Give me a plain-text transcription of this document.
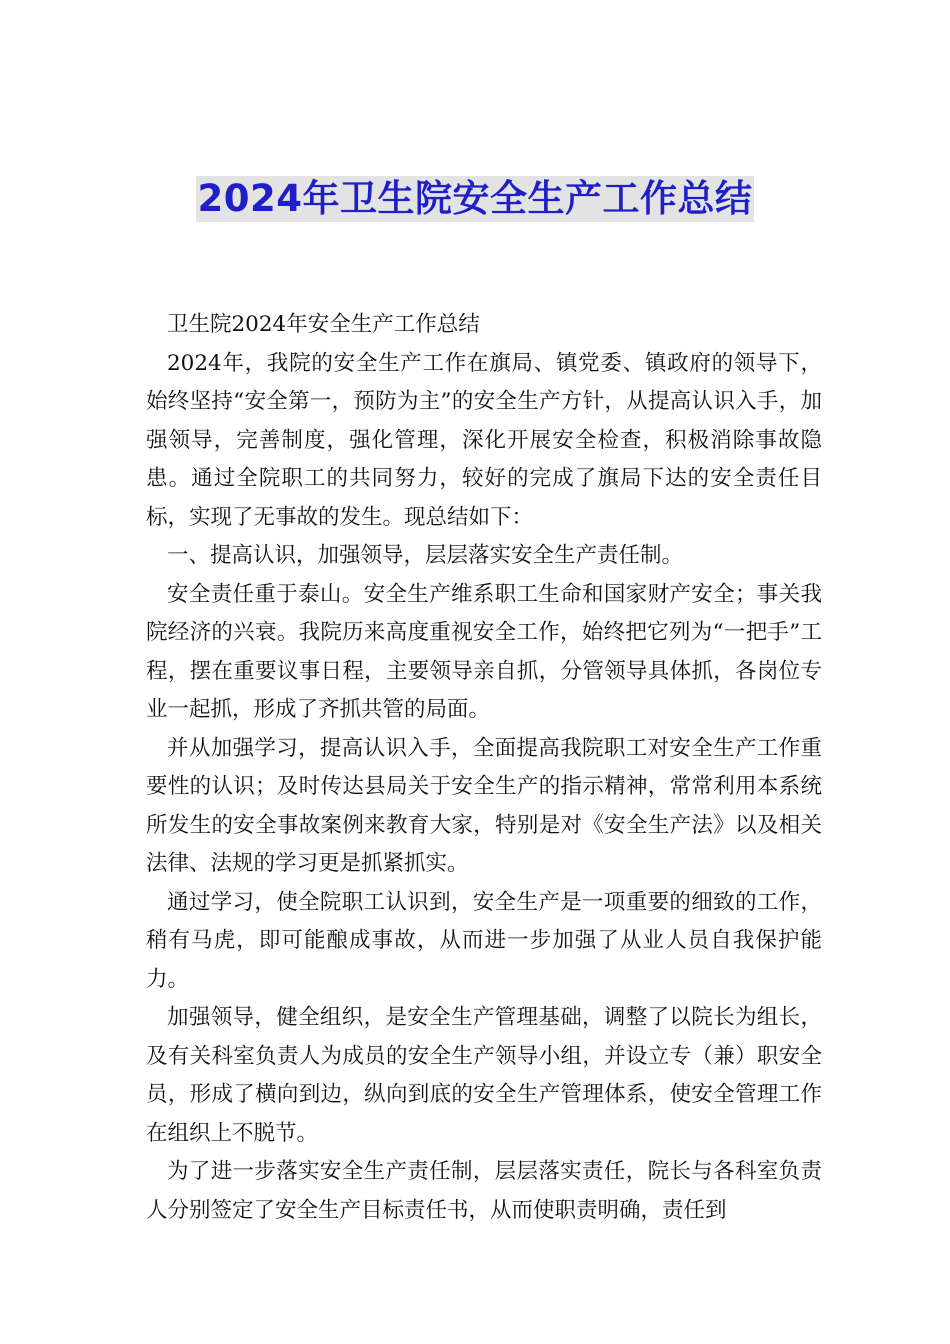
2024年卫生院安全生产工作总结

卫生院2024年安全生产工作总结

2024年，我院的安全生产工作在旗局、镇党委、镇政府的领导下，始终坚持“安全第一，预防为主”的安全生产方针，从提高认识入手，加强领导，完善制度，强化管理，深化开展安全检查，积极消除事故隐患。通过全院职工的共同努力，较好的完成了旗局下达的安全责任目标，实现了无事故的发生。现总结如下：

一、提高认识，加强领导，层层落实安全生产责任制。

安全责任重于泰山。安全生产维系职工生命和国家财产安全；事关我院经济的兴衰。我院历来高度重视安全工作，始终把它列为“一把手”工程，摆在重要议事日程，主要领导亲自抓，分管领导具体抓，各岗位专业一起抓，形成了齐抓共管的局面。

并从加强学习，提高认识入手，全面提高我院职工对安全生产工作重要性的认识；及时传达县局关于安全生产的指示精神，常常利用本系统所发生的安全事故案例来教育大家，特别是对《安全生产法》以及相关法律、法规的学习更是抓紧抓实。

通过学习，使全院职工认识到，安全生产是一项重要的细致的工作，稍有马虎，即可能酿成事故，从而进一步加强了从业人员自我保护能力。

加强领导，健全组织，是安全生产管理基础，调整了以院长为组长，及有关科室负责人为成员的安全生产领导小组，并设立专（兼）职安全员，形成了横向到边，纵向到底的安全生产管理体系，使安全管理工作在组织上不脱节。

为了进一步落实安全生产责任制，层层落实责任，院长与各科室负责人分别签定了安全生产目标责任书，从而使职责明确，责任到
